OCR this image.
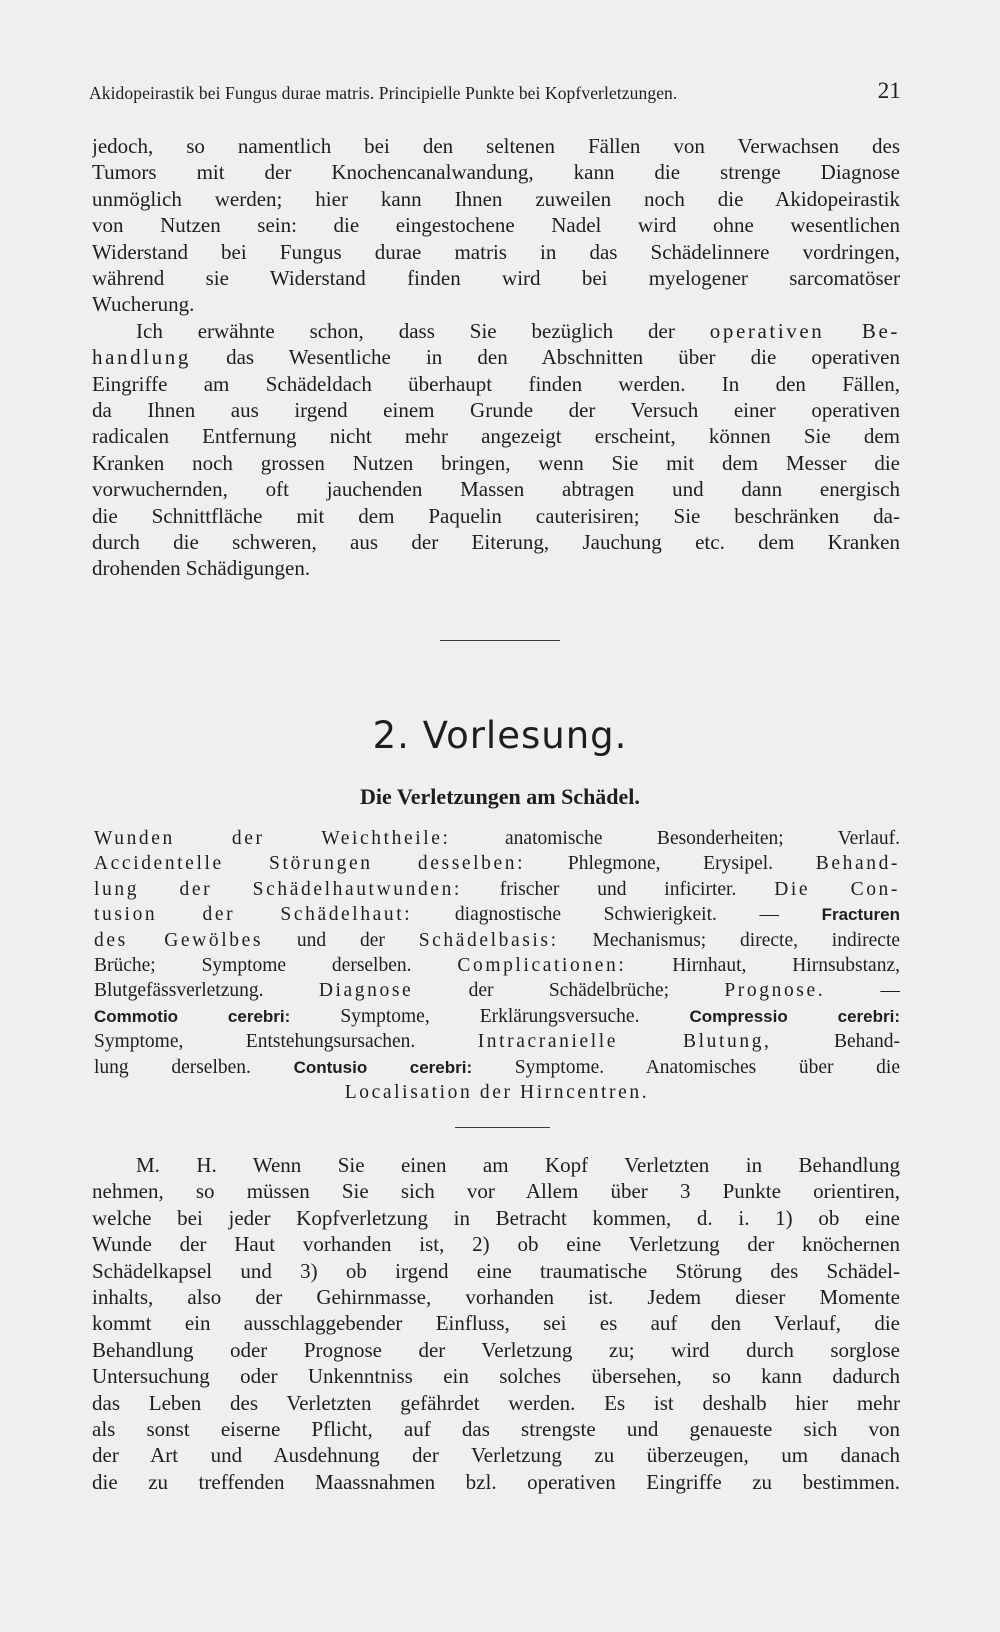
Akidopeirastik bei Fungus durae matris. Principielle Punkte bei Kopfverletzungen.	21
jedoch, so namentlich bei den seltenen Fällen von Verwachsen des
Tumors mit der Knochencanalwandung, kann die strenge Diagnose
unmöglich werden; hier kann Ihnen zuweilen noch die Akidopeirastik
von Nutzen sein: die eingestochene Nadel wird ohne wesentlichen
Widerstand bei Fungus durae matris in das Schädelinnere vordringen,
während sie Widerstand finden wird bei myelogener sarcomatöser
Wucherung.
Ich erwähnte schon, dass Sie bezüglich der operativen Be-
handlung das Wesentliche in den Abschnitten über die operativen
Eingriffe am Schädeldach überhaupt finden werden. In den Fällen,
da Ihnen aus irgend einem Grunde der Versuch einer operativen
radicalen Entfernung nicht mehr angezeigt erscheint, können Sie dem
Kranken noch grossen Nutzen bringen, wenn Sie mit dem Messer die
vorwuchernden, oft jauchenden Massen abtragen und dann energisch
die Schnittfläche mit dem Paquelin cauterisiren; Sie beschränken da-
durch die schweren, aus der Eiterung, Jauchung etc. dem Kranken
drohenden Schädigungen.
2. Vorlesung.
Die Verletzungen am Schädel.
Wunden der Weichtheile:	anatomische Besonderheiten; Verlauf.
Accidentelle Störungen desselben: Phlegmone, Erysipel. Behand-
lung der Schädelhautwunden: frischer und inficirter. Die Con-
tusion der Schädelhaut: diagnostische Schwierigkeit. —	Fracturen
des Gewölbes und der Schädelbasis: Mechanismus; directe, indirecte
Brüche; Symptome derselben. Complicationen: Hirnhaut, Hirnsubstanz,
Blutgefässverletzung.	Diagnose	der Schädelbrüche;	Prognose.	—
Commotio cerebri:	Symptome, Erklärungsversuche.	Compressio cerebri:
Symptome, Entstehungsursachen.	Intracranielle Blutung,	Behand-
lung derselben.	Contusio cerebri: Symptome. Anatomisches über die
Localisation der Hirncentren.
M. H. Wenn Sie einen am Kopf Verletzten in Behandlung
nehmen, so müssen Sie sich vor Allem über 3 Punkte orientiren,
welche bei jeder Kopfverletzung in Betracht kommen, d. i. 1) ob eine
Wunde der Haut vorhanden ist, 2) ob eine Verletzung der knöchernen
Schädelkapsel und 3) ob irgend eine traumatische Störung des Schädel-
inhalts, also der Gehirnmasse, vorhanden ist. Jedem dieser Momente
kommt ein ausschlaggebender Einfluss, sei es auf den Verlauf, die
Behandlung oder Prognose der Verletzung zu; wird durch sorglose
Untersuchung oder Unkenntniss ein solches übersehen, so kann dadurch
das Leben des Verletzten gefährdet werden. Es ist deshalb hier mehr
als sonst eiserne Pflicht, auf das strengste und genaueste sich von
der Art und Ausdehnung der Verletzung zu überzeugen, um danach
die zu treffenden Maassnahmen bzl. operativen Eingriffe zu bestimmen.
